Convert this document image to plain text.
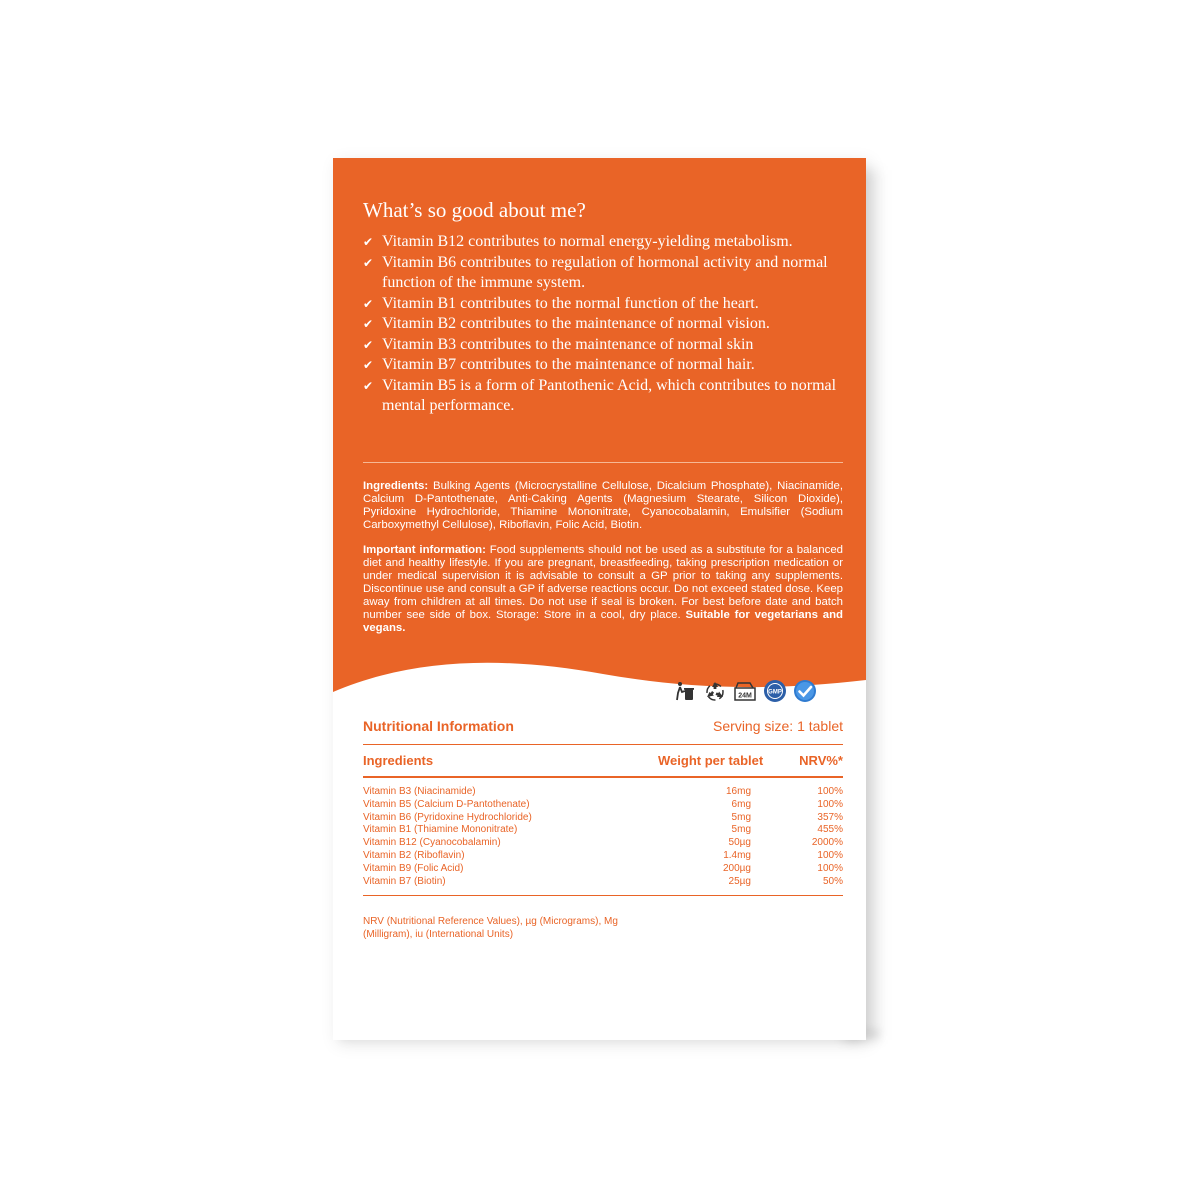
What’s so good about me?
✔ Vitamin B12 contributes to normal energy-yielding metabolism.
✔ Vitamin B6 contributes to regulation of hormonal activity and normal function of the immune system.
✔ Vitamin B1 contributes to the normal function of the heart.
✔ Vitamin B2 contributes to the maintenance of normal vision.
✔ Vitamin B3 contributes to the maintenance of normal skin
✔ Vitamin B7 contributes to the maintenance of normal hair.
✔ Vitamin B5 is a form of Pantothenic Acid, which contributes to normal mental performance.

Ingredients: Bulking Agents (Microcrystalline Cellulose, Dicalcium Phosphate), Niacinamide, Calcium D-Pantothenate, Anti-Caking Agents (Magnesium Stearate, Silicon Dioxide), Pyridoxine Hydrochloride, Thiamine Mononitrate, Cyanocobalamin, Emulsifier (Sodium Carboxymethyl Cellulose), Riboflavin, Folic Acid, Biotin.

Important information: Food supplements should not be used as a substitute for a balanced diet and healthy lifestyle. If you are pregnant, breastfeeding, taking prescription medication or under medical supervision it is advisable to consult a GP prior to taking any supplements. Discontinue use and consult a GP if adverse reactions occur. Do not exceed stated dose. Keep away from children at all times. Do not use if seal is broken. For best before date and batch number see side of box. Storage: Store in a cool, dry place. Suitable for vegetarians and vegans.

24M	GMP
Nutritional Information	Serving size: 1 tablet
Ingredients	Weight per tablet	NRV%*
Vitamin B3 (Niacinamide)	16mg	100%
Vitamin B5 (Calcium D-Pantothenate)	6mg	100%
Vitamin B6 (Pyridoxine Hydrochloride)	5mg	357%
Vitamin B1 (Thiamine Mononitrate)	5mg	455%
Vitamin B12 (Cyanocobalamin)	50µg	2000%
Vitamin B2 (Riboflavin)	1.4mg	100%
Vitamin B9 (Folic Acid)	200µg	100%
Vitamin B7 (Biotin)	25µg	50%
NRV (Nutritional Reference Values), µg (Micrograms), Mg (Milligram), iu (International Units)
